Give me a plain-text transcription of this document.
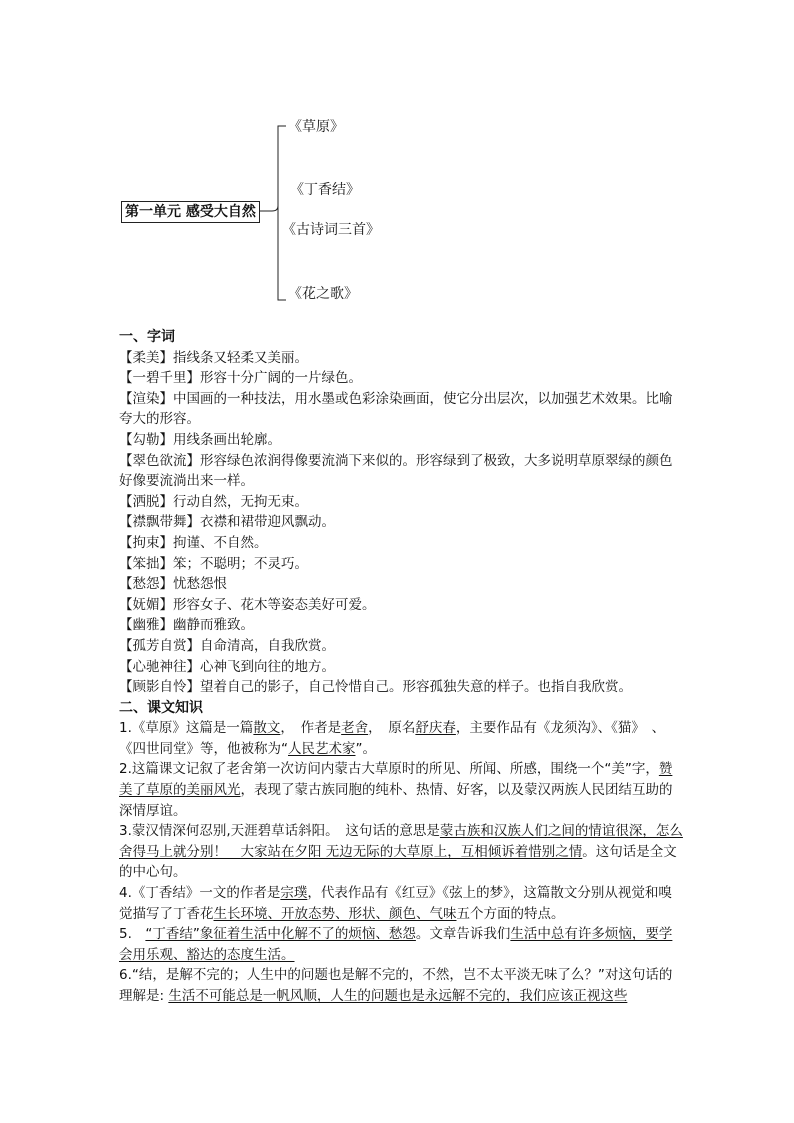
第一单元 感受大自然
《草原》
《丁香结》
《古诗词三首》
《花之歌》

一、字词

【柔美】指线条又轻柔又美丽。

【一碧千里】形容十分广阔的一片绿色。

【渲染】中国画的一种技法，用水墨或色彩涂染画面，使它分出层次，以加强艺术效果。比喻夸大的形容。

【勾勒】用线条画出轮廓。

【翠色欲流】形容绿色浓润得像要流淌下来似的。形容绿到了极致，大多说明草原翠绿的颜色好像要流淌出来一样。

【洒脱】行动自然，无拘无束。

【襟飘带舞】衣襟和裙带迎风飘动。

【拘束】拘谨、不自然。

【笨拙】笨；不聪明；不灵巧。

【愁怨】忧愁怨恨

【妩媚】形容女子、花木等姿态美好可爱。

【幽雅】幽静而雅致。

【孤芳自赏】自命清高，自我欣赏。

【心驰神往】心神飞到向往的地方。

【顾影自怜】望着自己的影子，自己怜惜自己。形容孤独失意的样子。也指自我欣赏。

二、课文知识

1.《草原》这篇是一篇散文，　作者是老舍，　原名舒庆春，主要作品有《龙须沟》、《猫》　、《四世同堂》等，他被称为“人民艺术家”。

2.这篇课文记叙了老舍第一次访问内蒙古大草原时的所见、所闻、所感，围绕一个“美”字，赞美了草原的美丽风光，表现了蒙古族同胞的纯朴、热情、好客，以及蒙汉两族人民团结互助的深情厚谊。

3.蒙汉情深何忍别,天涯碧草话斜阳。　这句话的意思是蒙古族和汉族人们之间的情谊很深，怎么舍得马上就分别！　大家站在夕阳 无边无际的大草原上，互相倾诉着惜别之情。这句话是全文的中心句。

4.《丁香结》一文的作者是宗璞，代表作品有《红豆》《弦上的梦》，这篇散文分别从视觉和嗅觉描写了丁香花生长环境、开放态势、形状、颜色、气味五个方面的特点。

5.　“丁香结”象征着生活中化解不了的烦恼、愁怨。文章告诉我们生活中总有许多烦恼，要学会用乐观、豁达的态度生活。

6.“结，是解不完的；人生中的问题也是解不完的，不然，岂不太平淡无味了么？”对这句话的理解是: 生活不可能总是一帆风顺，人生的问题也是永远解不完的，我们应该正视这些
